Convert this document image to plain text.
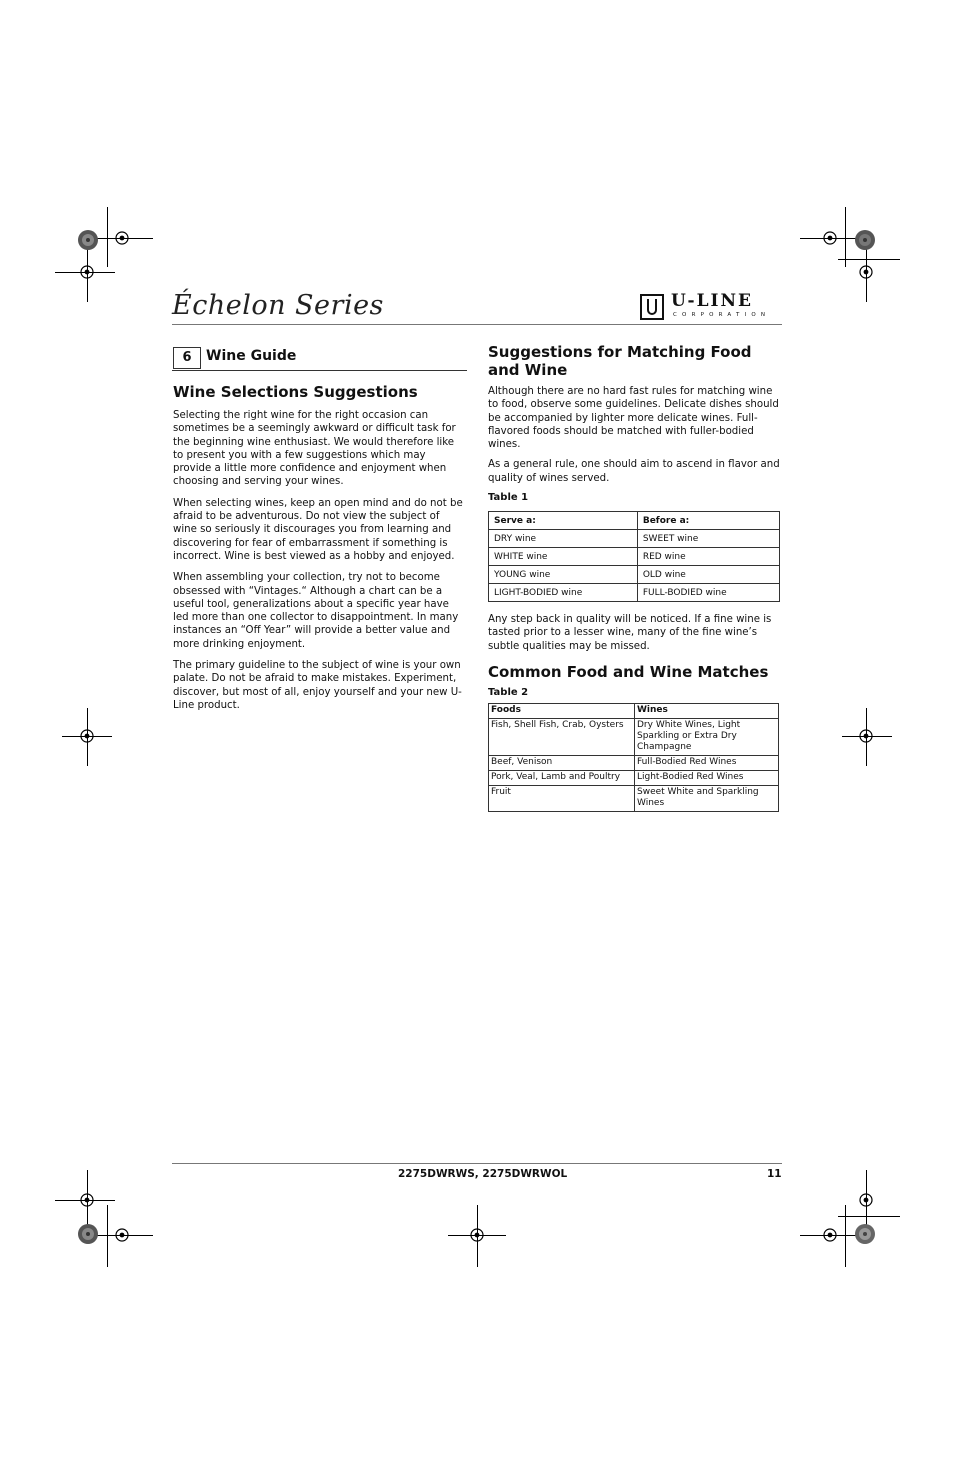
Échelon Series	U-LINE
CORPORATION
6	Wine Guide
Wine Selections Suggestions

Selecting the right wine for the right occasion can sometimes be a seemingly awkward or difficult task for the beginning wine enthusiast. We would therefore like to present you with a few suggestions which may provide a little more confidence and enjoyment when choosing and serving your wines.

When selecting wines, keep an open mind and do not be afraid to be adventurous. Do not view the subject of wine so seriously it discourages you from learning and discovering for fear of embarrassment if something is incorrect. Wine is best viewed as a hobby and enjoyed.

When assembling your collection, try not to become obsessed with “Vintages.“ Although a chart can be a useful tool, generalizations about a specific year have led more than one collector to disappointment. In many instances an “Off Year” will provide a better value and more drinking enjoyment.

The primary guideline to the subject of wine is your own palate. Do not be afraid to make mistakes. Experiment, discover, but most of all, enjoy yourself and your new U-Line product.

Suggestions for Matching Food and Wine

Although there are no hard fast rules for matching wine to food, observe some guidelines. Delicate dishes should be accompanied by lighter more delicate wines. Full-flavored foods should be matched with fuller-bodied wines.

As a general rule, one should aim to ascend in flavor and quality of wines served.

Table 1
Serve a:	Before a:
DRY wine	SWEET wine
WHITE wine	RED wine
YOUNG wine	OLD wine
LIGHT-BODIED wine	FULL-BODIED wine

Any step back in quality will be noticed. If a fine wine is tasted prior to a lesser wine, many of the fine wine’s subtle qualities may be missed.

Common Food and Wine Matches
Table 2
Foods	Wines
Fish, Shell Fish, Crab, Oysters	Dry White Wines, Light Sparkling or Extra Dry Champagne
Beef, Venison	Full-Bodied Red Wines
Pork, Veal, Lamb and Poultry	Light-Bodied Red Wines
Fruit	Sweet White and Sparkling Wines
2275DWRWS, 2275DWRWOL	11
